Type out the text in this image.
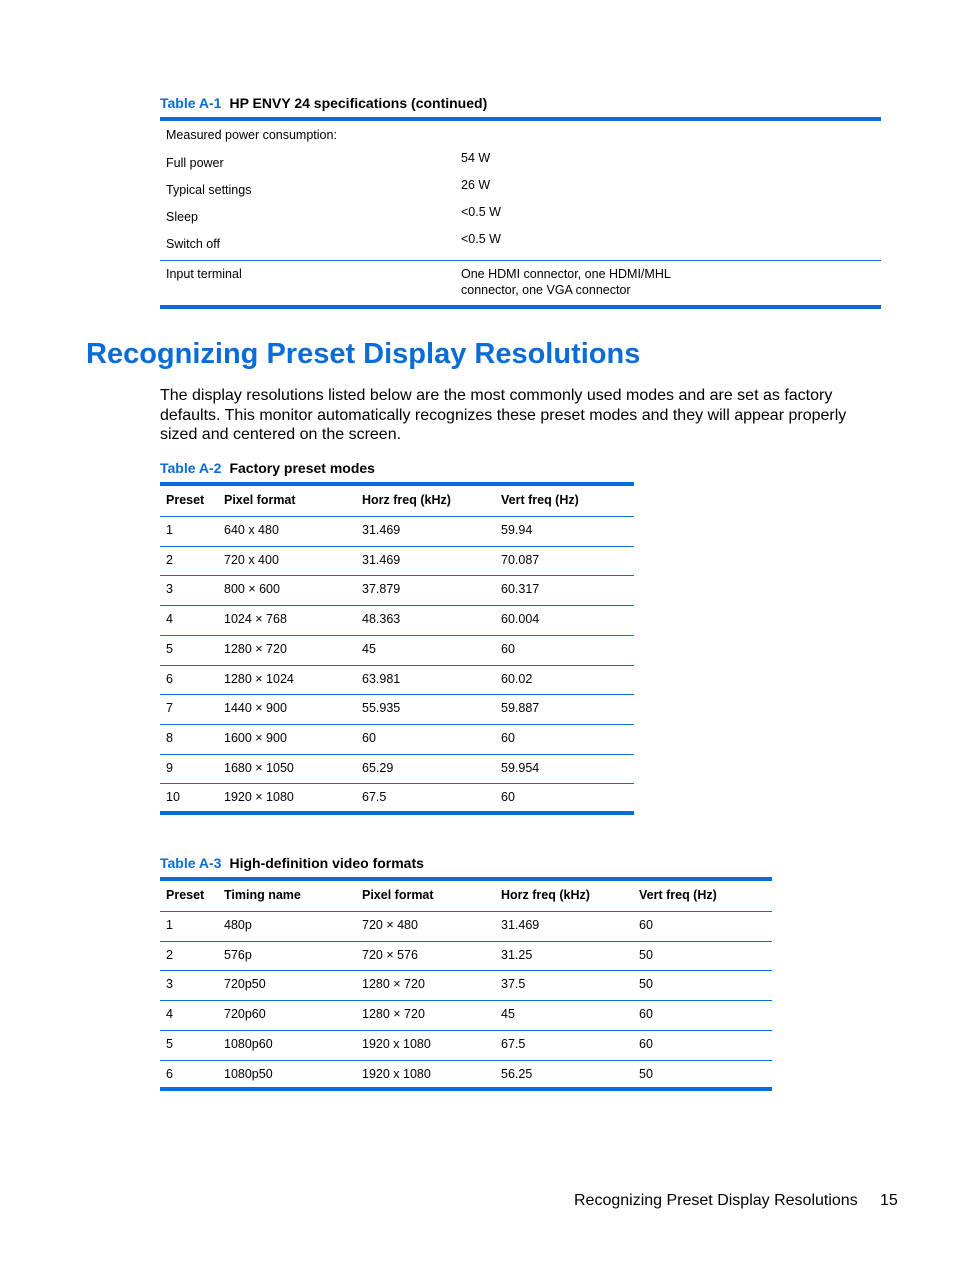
Table A-1 HP ENVY 24 specifications (continued)
Measured power consumption:
Full power	54 W
Typical settings	26 W
Sleep	<0.5 W
Switch off	<0.5 W
Input terminal	One HDMI connector, one HDMI/MHL
connector, one VGA connector
Recognizing Preset Display Resolutions

The display resolutions listed below are the most commonly used modes and are set as factory defaults. This monitor automatically recognizes these preset modes and they will appear properly sized and centered on the screen.

Table A-2 Factory preset modes
Preset Pixel format	Horz freq (kHz)	Vert freq (Hz)
1	640 x 480	31.469	59.94
2	720 x 400	31.469	70.087
3	800 × 600	37.879	60.317
4	1024 × 768	48.363	60.004
5	1280 × 720	45	60
6	1280 × 1024	63.981	60.02
7	1440 × 900	55.935	59.887
8	1600 × 900	60	60
9	1680 × 1050	65.29	59.954
10	1920 × 1080	67.5	60
Table A-3 High-definition video formats
Preset Timing name	Pixel format	Horz freq (kHz)	Vert freq (Hz)
1	480p	720 × 480	31.469	60
2	576p	720 × 576	31.25	50
3	720p50	1280 × 720	37.5	50
4	720p60	1280 × 720	45	60
5	1080p60	1920 x 1080	67.5	60
6	1080p50	1920 x 1080	56.25	50
Recognizing Preset Display Resolutions 15
